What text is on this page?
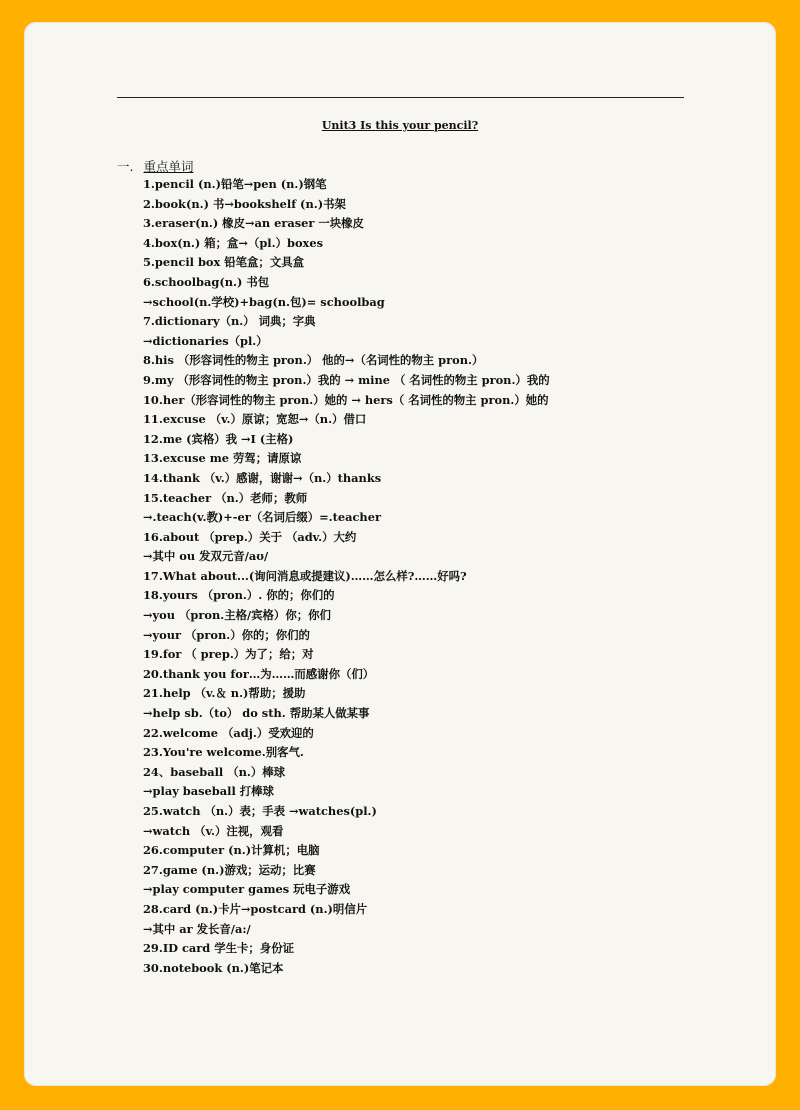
Unit3 Is this your pencil?
一. 重点单词
1.pencil (n.)铅笔→pen (n.)钢笔
2.book(n.) 书→bookshelf (n.)书架
3.eraser(n.) 橡皮→an eraser 一块橡皮
4.box(n.) 箱；盒→（pl.）boxes
5.pencil box 铅笔盒；文具盒
6.schoolbag(n.) 书包
→school(n.学校)+bag(n.包)= schoolbag
7.dictionary（n.） 词典；字典
→dictionaries（pl.）
8.his （形容词性的物主 pron.） 他的→（名词性的物主 pron.）
9.my （形容词性的物主 pron.）我的 → mine （ 名词性的物主 pron.）我的
10.her（形容词性的物主 pron.）她的 → hers（ 名词性的物主 pron.）她的
11.excuse （v.）原谅；宽恕→（n.）借口
12.me (宾格）我 →I (主格)
13.excuse me 劳驾；请原谅
14.thank （v.）感谢，谢谢→（n.）thanks
15.teacher （n.）老师；教师
→.teach(v.教)+-er（名词后缀）=.teacher
16.about （prep.）关于 （adv.）大约
→其中 ou 发双元音/aʊ/
17.What about...(询问消息或提建议)……怎么样?……好吗?
18.yours （pron.）. 你的；你们的
→you （pron.主格/宾格）你；你们
→your （pron.）你的；你们的
19.for （ prep.）为了；给；对
20.thank you for…为……而感谢你（们）
21.help （v.＆ n.)帮助；援助
→help sb.（to） do sth. 帮助某人做某事
22.welcome （adj.）受欢迎的
23.You're welcome.别客气.
24、baseball （n.）棒球
→play baseball 打棒球
25.watch （n.）表；手表 →watches(pl.)
→watch （v.）注视，观看
26.computer (n.)计算机；电脑
27.game (n.)游戏；运动；比赛
→play computer games 玩电子游戏
28.card (n.)卡片→postcard (n.)明信片
→其中 ar 发长音/a:/
29.ID card 学生卡；身份证
30.notebook (n.)笔记本
